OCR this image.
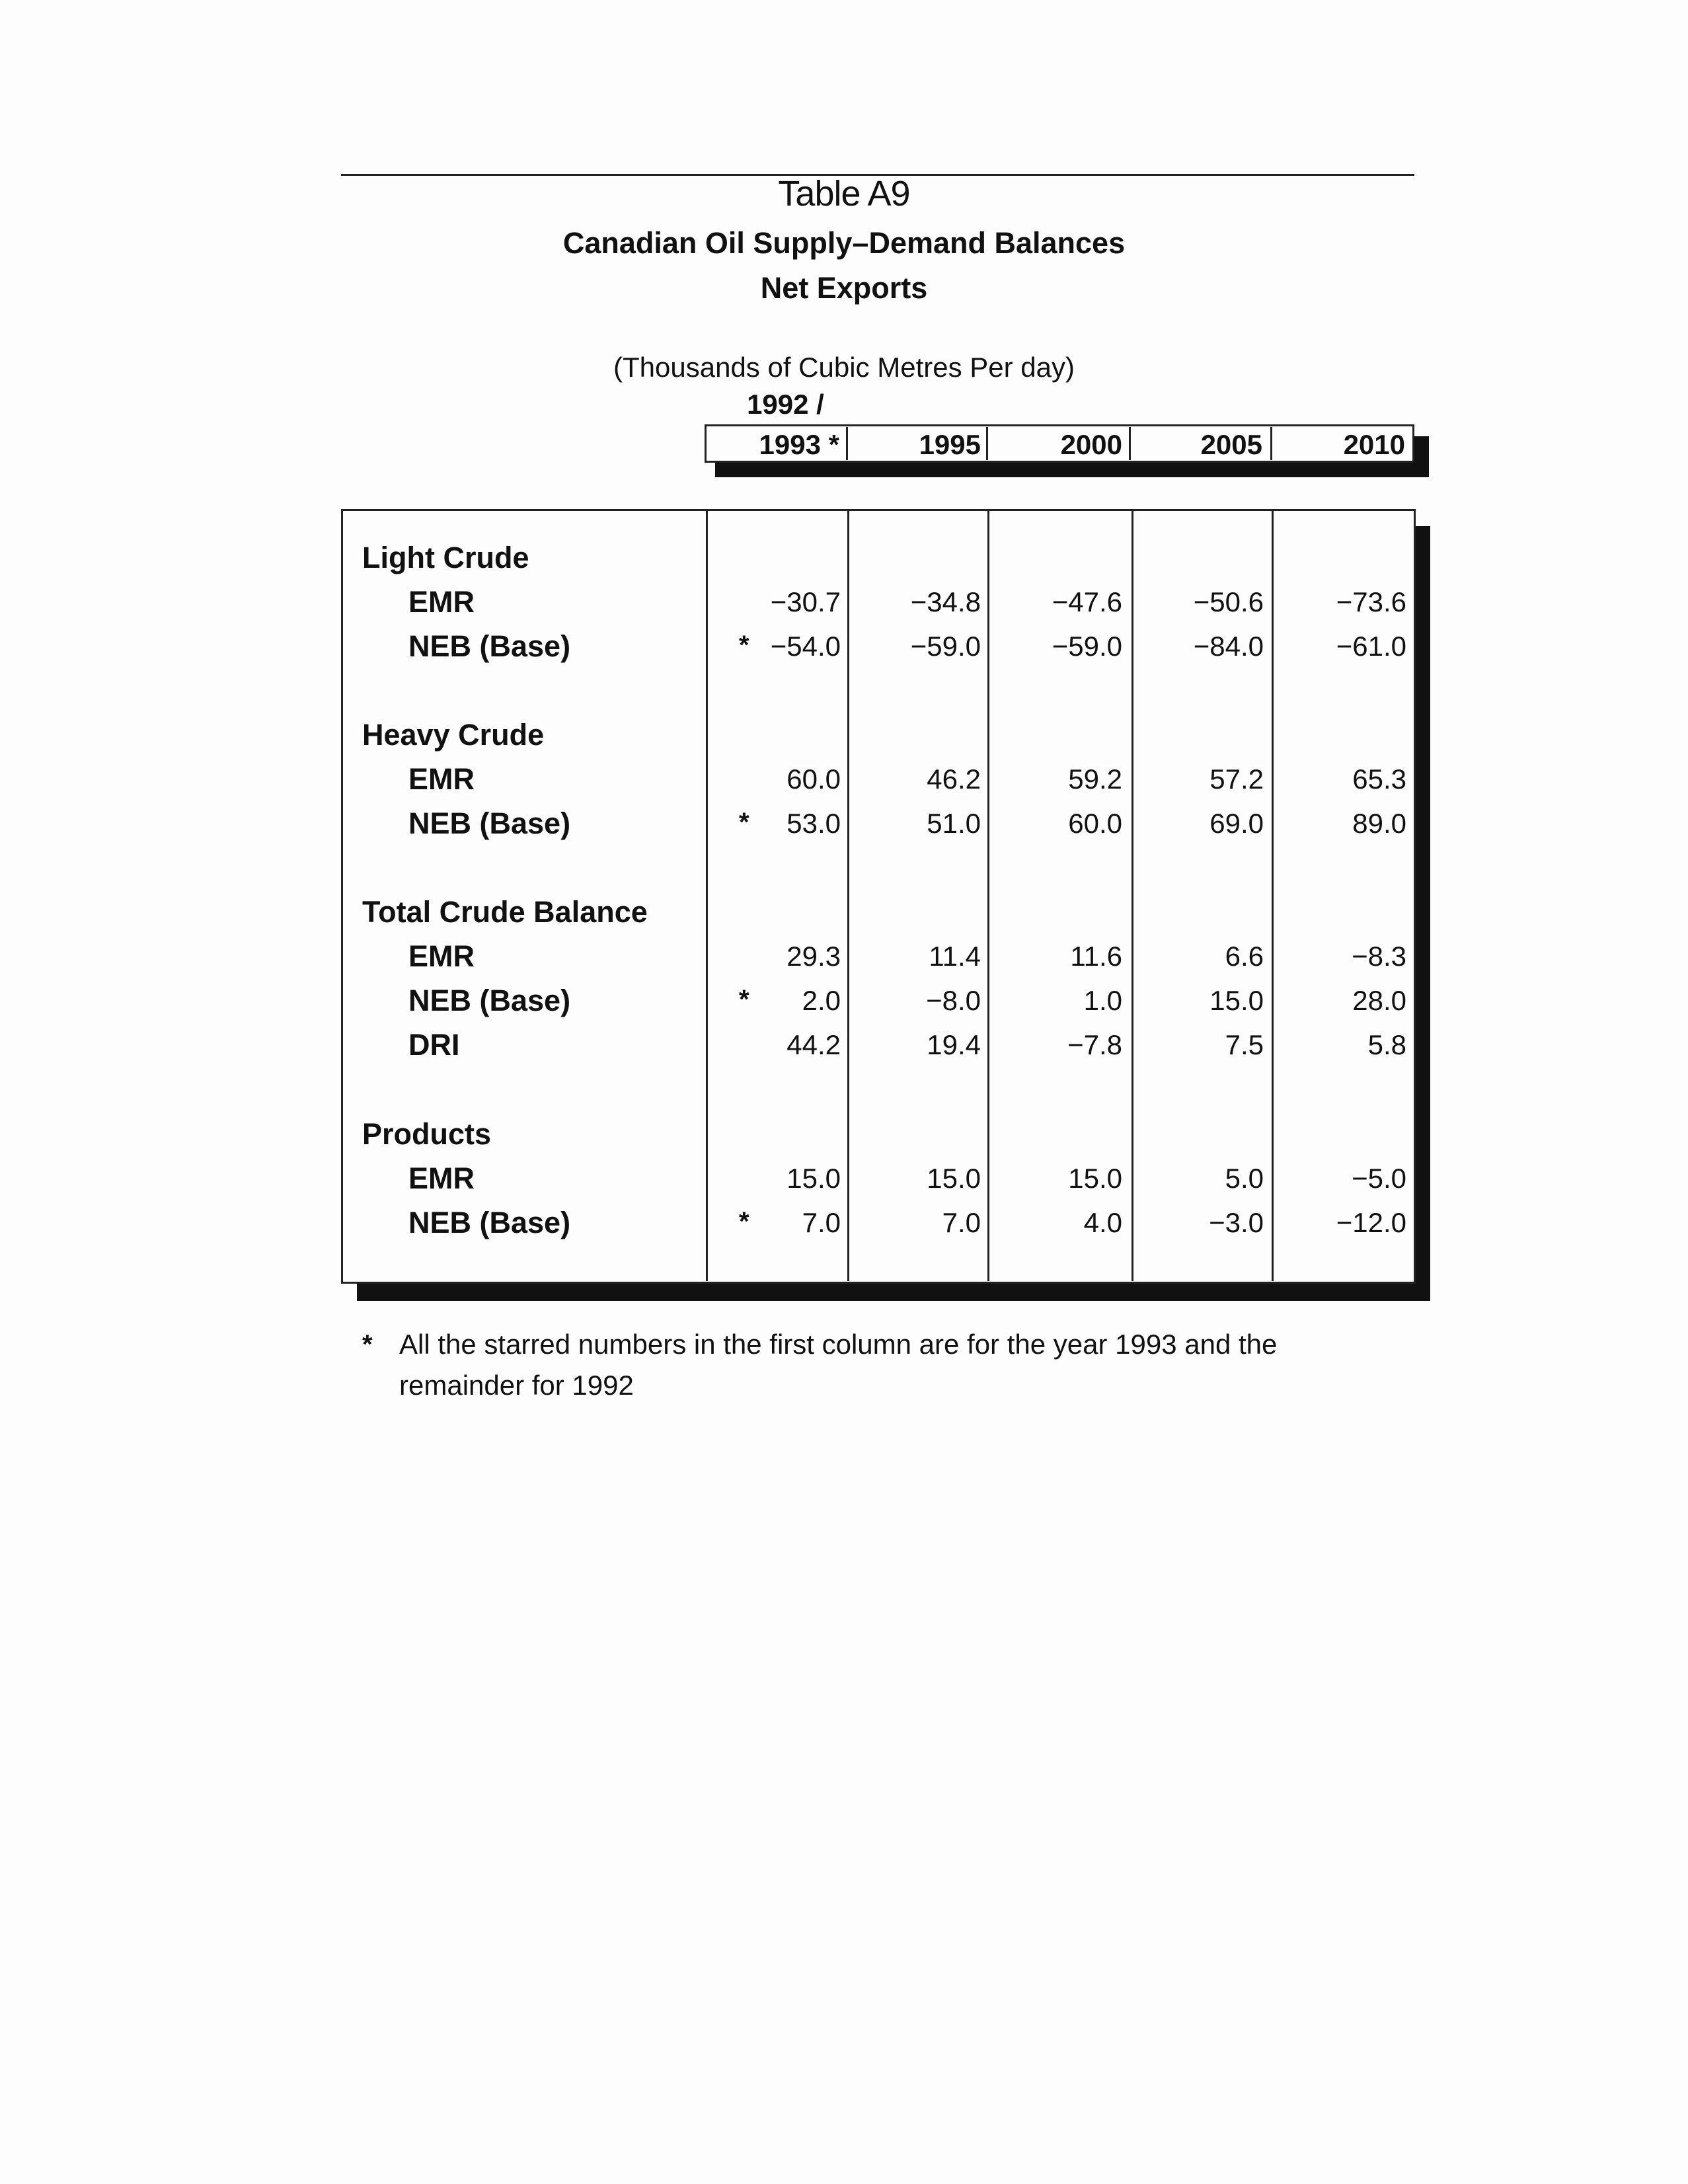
Table A9
Canadian Oil Supply–Demand Balances
Net Exports
(Thousands of Cubic Metres Per day)
1992 /
1993 *	1995	2000	2005	2010
Light Crude
EMR	−30.7	−34.8	−47.6	−50.6	−73.6
NEB (Base)	* −54.0	−59.0	−59.0	−84.0	−61.0
Heavy Crude
EMR	60.0	46.2	59.2	57.2	65.3
NEB (Base)	*	53.0	51.0	60.0	69.0	89.0
Total Crude Balance
EMR	29.3	11.4	11.6	6.6	−8.3
NEB (Base)	*	2.0	−8.0	1.0	15.0	28.0
DRI	44.2	19.4	−7.8	7.5	5.8
Products
EMR	15.0	15.0	15.0	5.0	−5.0
NEB (Base)	*	7.0	7.0	4.0	−3.0	−12.0
* All the starred numbers in the first column are for the year 1993 and the
remainder for 1992
